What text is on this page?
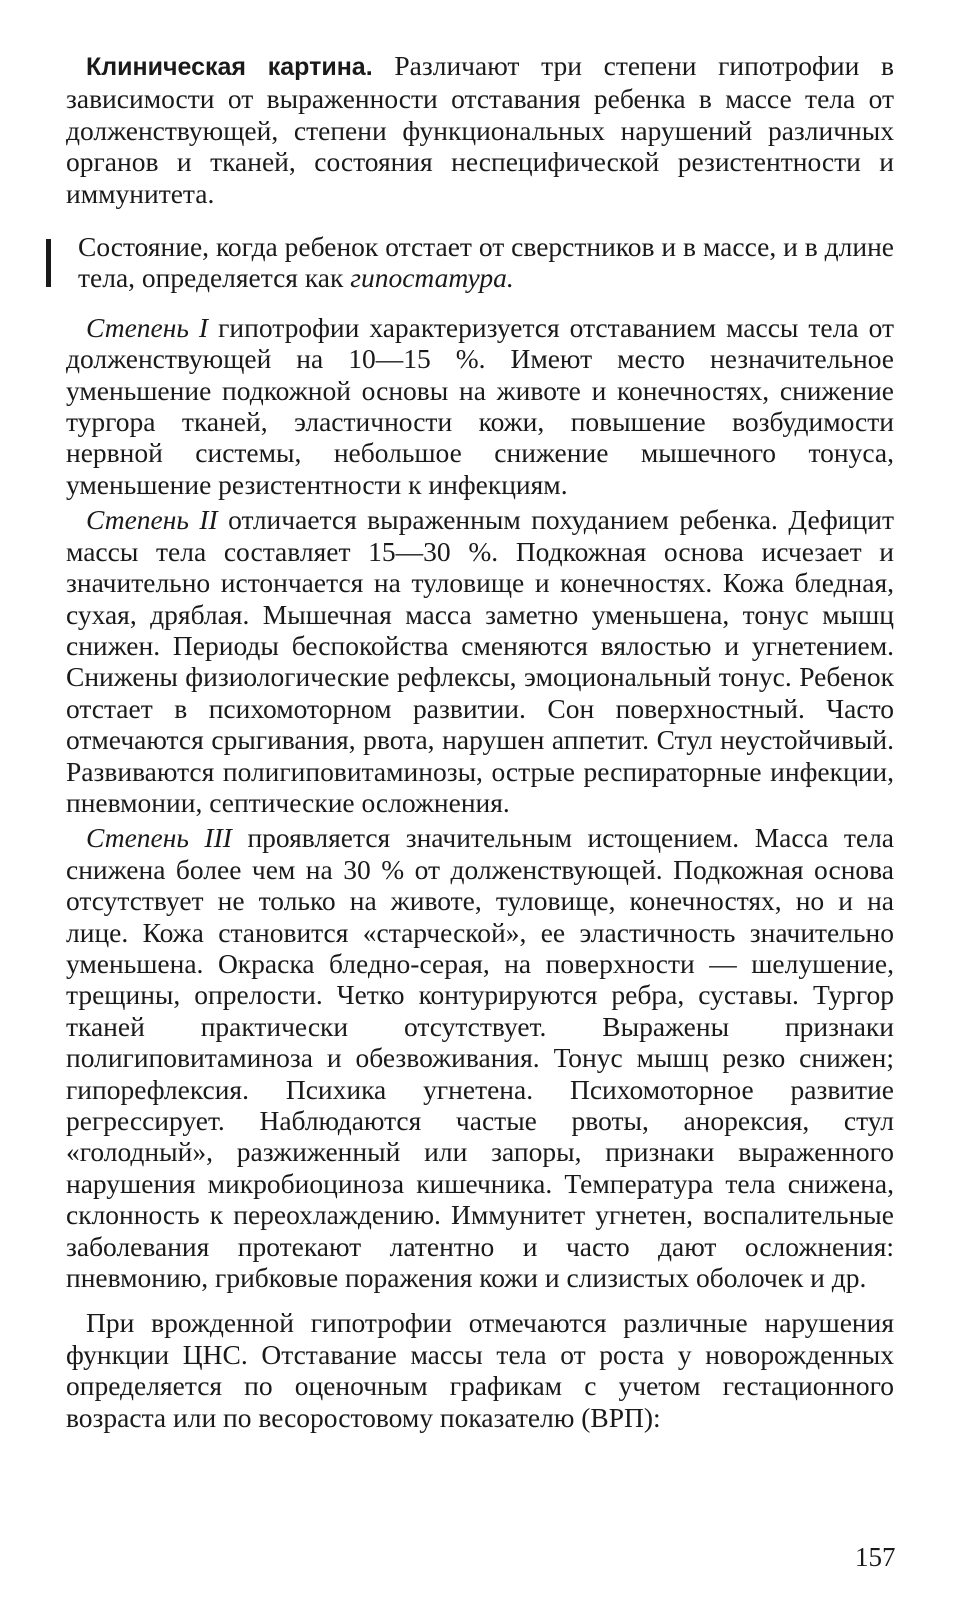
Клиническая картина. Различают три степени гипотрофии в зависимости от выраженности отставания ребенка в массе тела от долженствующей, степени функциональных нарушений различных органов и тканей, состояния неспецифической резистентности и иммунитета.

Состояние, когда ребенок отстает от сверстников и в массе, и в длине тела, определяется как гипостатура.

Степень I гипотрофии характеризуется отставанием массы тела от долженствующей на 10—15 %. Имеют место незначительное уменьшение подкожной основы на животе и конечностях, снижение тургора тканей, эластичности кожи, повышение возбудимости нервной системы, небольшое снижение мышечного тонуса, уменьшение резистентности к инфекциям.

Степень II отличается выраженным похуданием ребенка. Дефицит массы тела составляет 15—30 %. Подкожная основа исчезает и значительно истончается на туловище и конечностях. Кожа бледная, сухая, дряблая. Мышечная масса заметно уменьшена, тонус мышц снижен. Периоды беспокойства сменяются вялостью и угнетением. Снижены физиологические рефлексы, эмоциональный тонус. Ребенок отстает в психомоторном развитии. Сон поверхностный. Часто отмечаются срыгивания, рвота, нарушен аппетит. Стул неустойчивый. Развиваются полигиповитаминозы, острые респираторные инфекции, пневмонии, септические осложнения.

Степень III проявляется значительным истощением. Масса тела снижена более чем на 30 % от долженствующей. Подкожная основа отсутствует не только на животе, туловище, конечностях, но и на лице. Кожа становится «старческой», ее эластичность значительно уменьшена. Окраска бледно-серая, на поверхности — шелушение, трещины, опрелости. Четко контурируются ребра, суставы. Тургор тканей практически отсутствует. Выражены признаки полигиповитаминоза и обезвоживания. Тонус мышц резко снижен; гипорефлексия. Психика угнетена. Психомоторное развитие регрессирует. Наблюдаются частые рвоты, анорексия, стул «голодный», разжиженный или запоры, признаки выраженного нарушения микробиоциноза кишечника. Температура тела снижена, склонность к переохлаждению. Иммунитет угнетен, воспалительные заболевания протекают латентно и часто дают осложнения: пневмонию, грибковые поражения кожи и слизистых оболочек и др.

При врожденной гипотрофии отмечаются различные нарушения функции ЦНС. Отставание массы тела от роста у новорожденных определяется по оценочным графикам с учетом гестационного возраста или по весоростовому показателю (ВРП):

157
